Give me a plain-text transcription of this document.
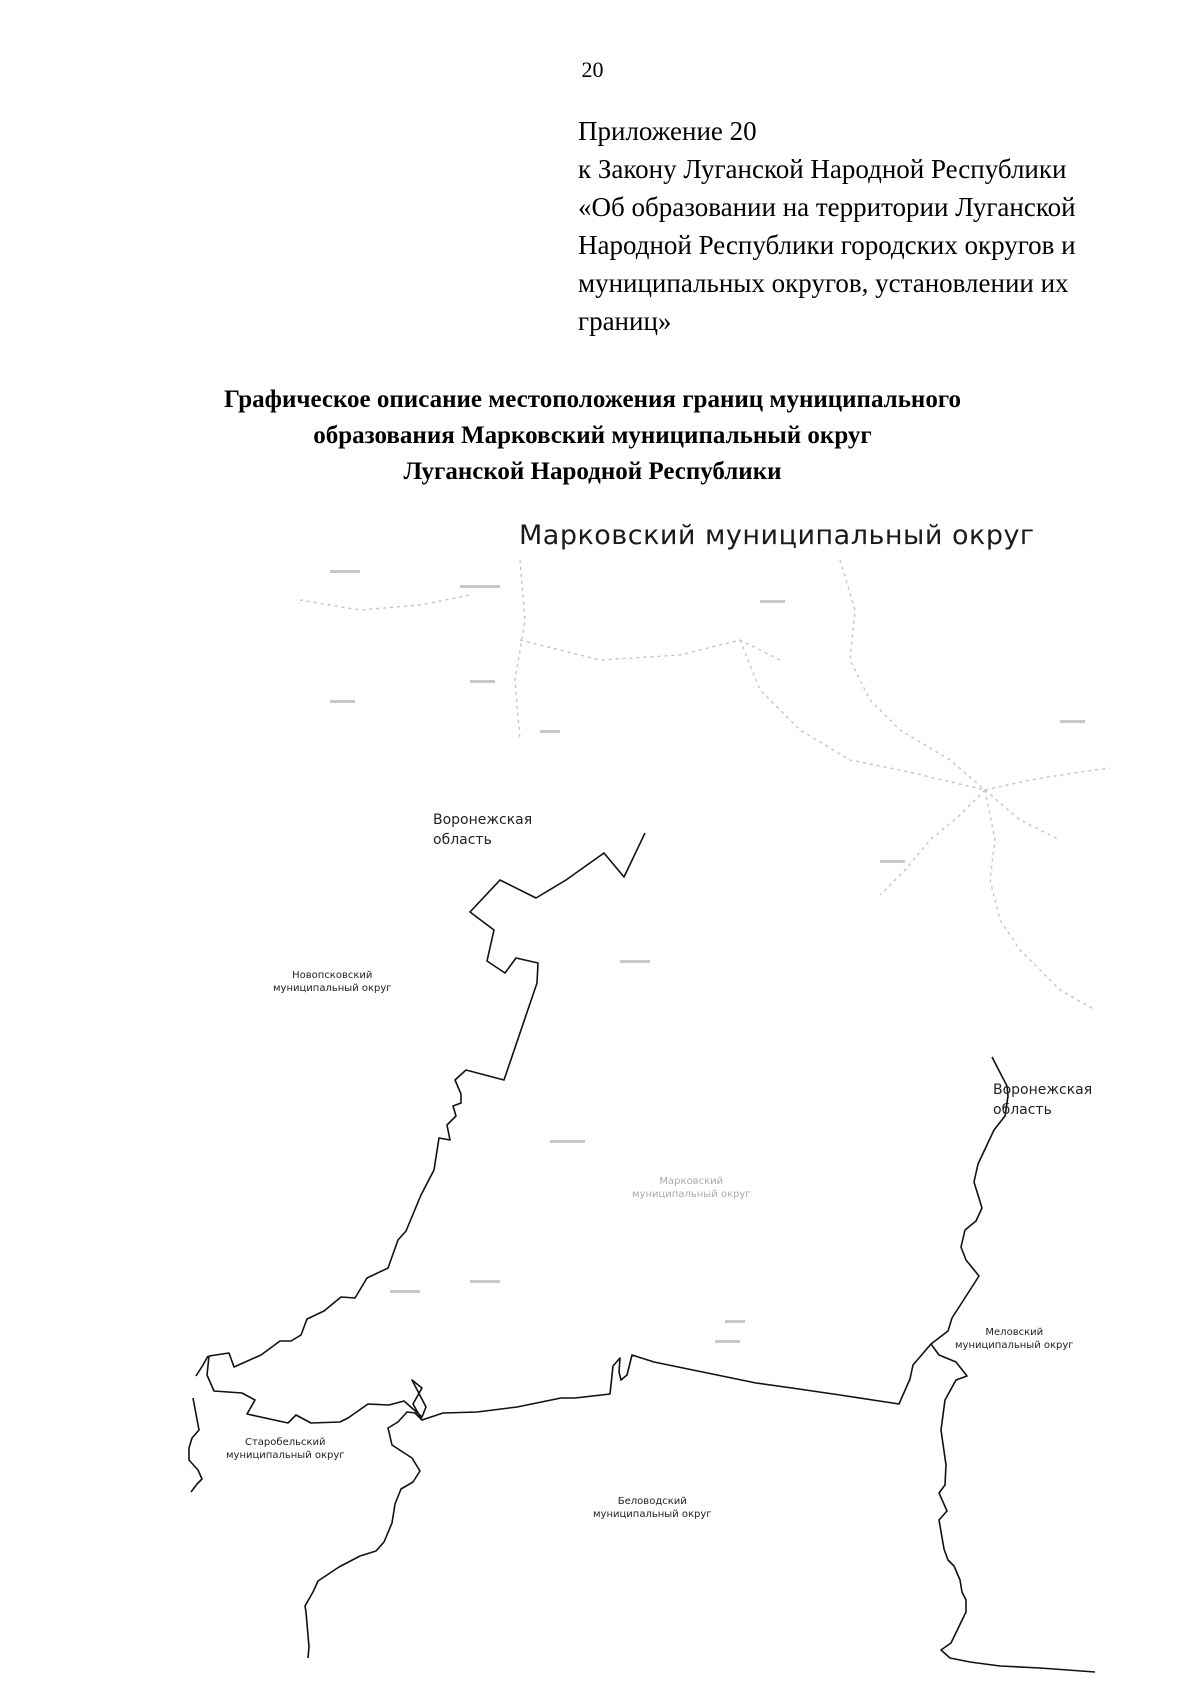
20
Приложение 20
к Закону Луганской Народной Республики
«Об образовании на территории Луганской
Народной Республики городских округов и
муниципальных округов, установлении их
границ»
Графическое описание местоположения границ муниципального
образования Марковский муниципальный округ
Луганской Народной Республики
Марковский муниципальный округ
Воронежская
область
Воронежская
область
Новопсковский
муниципальный округ
Меловский
муниципальный округ
Старобельский
муниципальный округ
Беловодский
муниципальный округ
Марковский
муниципальный округ
